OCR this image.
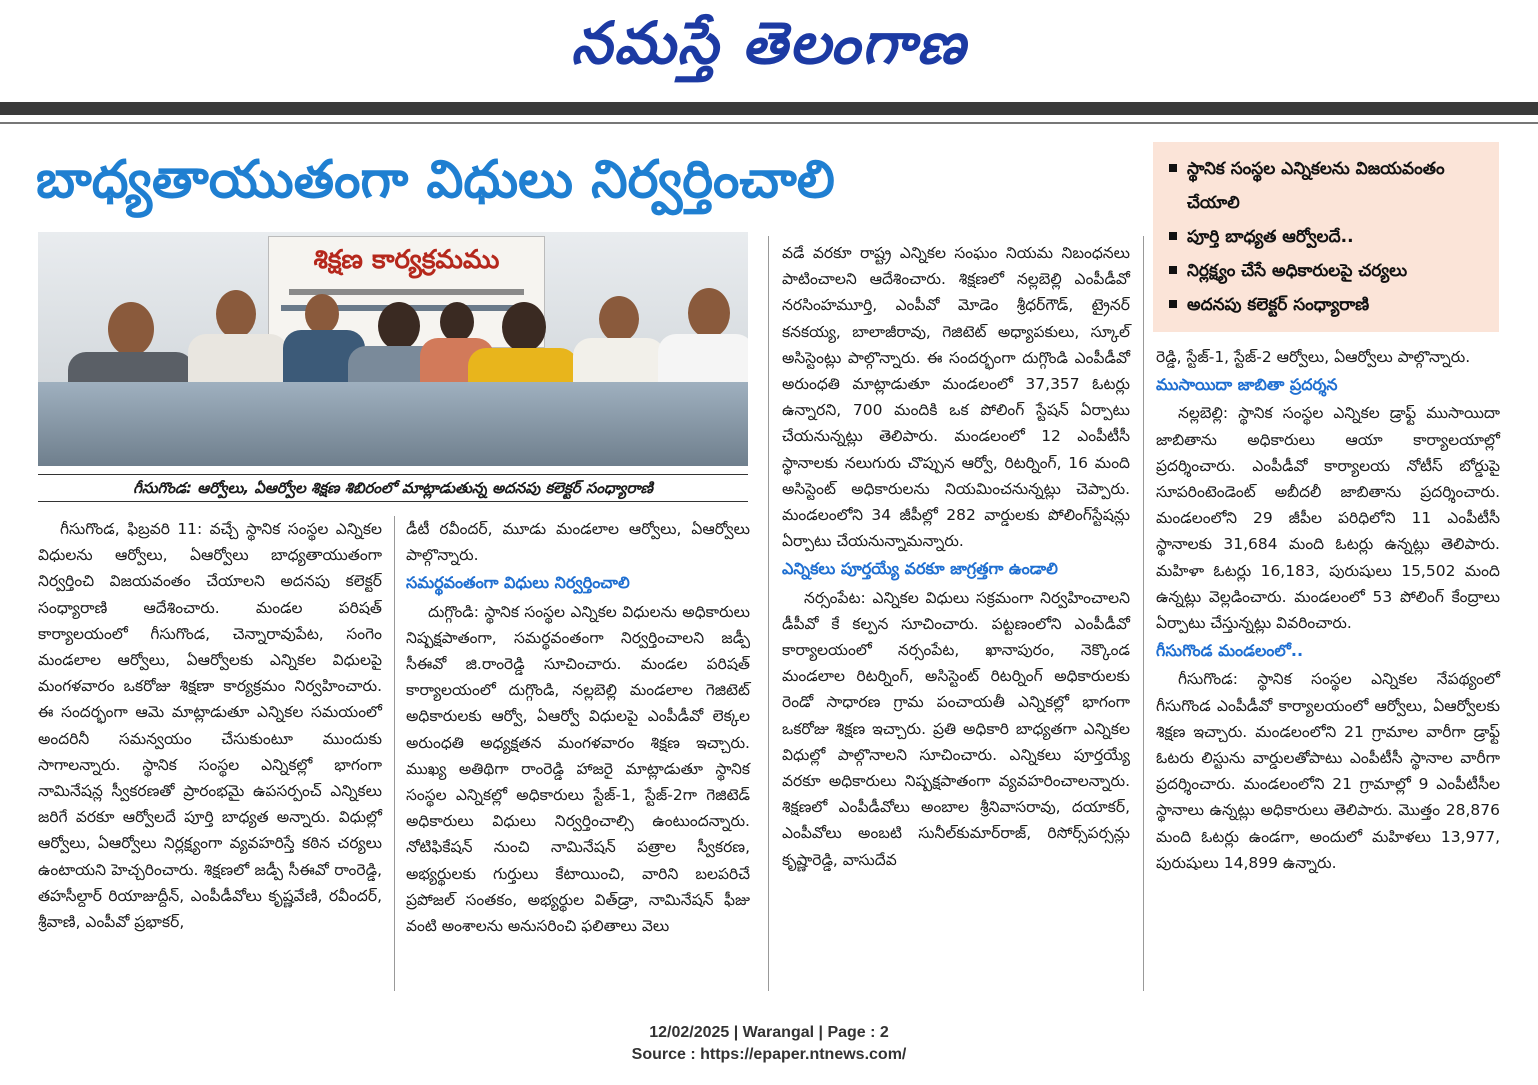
నమస్తే తెలంగాణ
బాధ్యతాయుతంగా విధులు నిర్వర్తించాలి	స్థానిక సంస్థల ఎన్నికలను విజయవంతం చేయాలి
పూర్తి బాధ్యత ఆర్వోలదే..
నిర్లక్ష్యం చేసే అధికారులపై చర్యలు
అదనపు కలెక్టర్ సంధ్యారాణి
శిక్షణ కార్యక్రమము
గీసుగొండ: ఆర్వోలు, ఏఆర్వోల శిక్షణ శిబిరంలో మాట్లాడుతున్న అదనపు కలెక్టర్ సంధ్యారాణి

గీసుగొండ, ఫిబ్రవరి 11: వచ్చే స్థానిక సంస్థల ఎన్నికల విధులను ఆర్వోలు, ఏఆర్వోలు బాధ్యతాయుతంగా నిర్వర్తించి విజయవంతం చేయాలని అదనపు కలెక్టర్ సంధ్యారాణి ఆదేశించారు. మండల పరిషత్ కార్యాలయంలో గీసుగొండ, చెన్నారావుపేట, సంగెం మండలాల ఆర్వోలు, ఏఆర్వోలకు ఎన్నికల విధులపై మంగళవారం ఒకరోజు శిక్షణా కార్యక్రమం నిర్వహించారు. ఈ సందర్భంగా ఆమె మాట్లాడుతూ ఎన్నికల సమయంలో అందరినీ సమన్వయం చేసుకుంటూ ముందుకు సాగాలన్నారు. స్థానిక సంస్థల ఎన్నికల్లో భాగంగా నామినేషన్ల స్వీకరణతో ప్రారంభమై ఉపసర్పంచ్ ఎన్నికలు జరిగే వరకూ ఆర్వోలదే పూర్తి బాధ్యత అన్నారు. విధుల్లో ఆర్వోలు, ఏఆర్వోలు నిర్లక్ష్యంగా వ్యవహరిస్తే కఠిన చర్యలు ఉంటాయని హెచ్చరించారు. శిక్షణలో జడ్పీ సీఈవో రాంరెడ్డి, తహసీల్దార్ రియాజుద్దీన్, ఎంపీడీవోలు కృష్ణవేణి, రవీందర్, శ్రీవాణి, ఎంపీవో ప్రభాకర్,

డీటీ రవీందర్, మూడు మండలాల ఆర్వోలు, ఏఆర్వోలు పాల్గొన్నారు.

సమర్థవంతంగా విధులు నిర్వర్తించాలి

దుగ్గొండి: స్థానిక సంస్థల ఎన్నికల విధులను అధికారులు నిష్పక్షపాతంగా, సమర్థవంతంగా నిర్వర్తించాలని జడ్పీ సీఈవో జి.రాంరెడ్డి సూచించారు. మండల పరిషత్ కార్యాలయంలో దుగ్గొండి, నల్లబెల్లి మండలాల గెజిటెట్ అధికారులకు ఆర్వో, ఏఆర్వో విధులపై ఎంపీడీవో లెక్కల అరుంధతి అధ్యక్షతన మంగళవారం శిక్షణ ఇచ్చారు. ముఖ్య అతిథిగా రాంరెడ్డి హాజరై మాట్లాడుతూ స్థానిక సంస్థల ఎన్నికల్లో అధికారులు స్టేజ్-1, స్టేజ్-2గా గెజిటెడ్ అధికారులు విధులు నిర్వర్తించాల్సి ఉంటుందన్నారు. నోటిఫికేషన్ నుంచి నామినేషన్ పత్రాల స్వీకరణ, అభ్యర్థులకు గుర్తులు కేటాయించి, వారిని బలపరిచే ప్రపోజల్ సంతకం, అభ్యర్థుల విత్‌డ్రా, నామినేషన్ ఫీజు వంటి అంశాలను అనుసరించి ఫలితాలు వెలు

వడే వరకూ రాష్ట్ర ఎన్నికల సంఘం నియమ నిబంధనలు పాటించాలని ఆదేశించారు. శిక్షణలో నల్లబెల్లి ఎంపీడీవో నరసింహమూర్తి, ఎంపీవో మోడెం శ్రీధర్‌గౌడ్, ట్రైనర్ కనకయ్య, బాలాజీరావు, గెజిటెట్ అధ్యాపకులు, స్కూల్ అసిస్టెంట్లు పాల్గొన్నారు. ఈ సందర్భంగా దుగ్గొండి ఎంపీడీవో అరుంధతి మాట్లాడుతూ మండలంలో 37,357 ఓటర్లు ఉన్నారని, 700 మందికి ఒక పోలింగ్ స్టేషన్ ఏర్పాటు చేయనున్నట్లు తెలిపారు. మండలంలో 12 ఎంపీటీసీ స్థానాలకు నలుగురు చొప్పున ఆర్వో, రిటర్నింగ్, 16 మంది అసిస్టెంట్ అధికారులను నియమించనున్నట్లు చెప్పారు. మండలంలోని 34 జీపీల్లో 282 వార్డులకు పోలింగ్‌స్టేషన్లు ఏర్పాటు చేయనున్నామన్నారు.

ఎన్నికలు పూర్తయ్యే వరకూ జాగ్రత్తగా ఉండాలి

నర్సంపేట: ఎన్నికల విధులు సక్రమంగా నిర్వహించాలని డీపీవో కే కల్పన సూచించారు. పట్టణంలోని ఎంపీడీవో కార్యాలయంలో నర్సంపేట, ఖానాపురం, నెక్కొండ మండలాల రిటర్నింగ్, అసిస్టెంట్ రిటర్నింగ్ అధికారులకు రెండో సాధారణ గ్రామ పంచాయతీ ఎన్నికల్లో భాగంగా ఒకరోజు శిక్షణ ఇచ్చారు. ప్రతి అధికారి బాధ్యతగా ఎన్నికల విధుల్లో పాల్గొనాలని సూచించారు. ఎన్నికలు పూర్తయ్యే వరకూ అధికారులు నిష్పక్షపాతంగా వ్యవహరించాలన్నారు. శిక్షణలో ఎంపీడీవోలు అంబాల శ్రీనివాసరావు, దయాకర్, ఎంపీవోలు అంబటి సునీల్‌కుమార్‌రాజ్, రిసోర్స్‌పర్సన్లు కృష్ణారెడ్డి, వాసుదేవ

రెడ్డి, స్టేజ్-1, స్టేజ్-2 ఆర్వోలు, ఏఆర్వోలు పాల్గొన్నారు.

ముసాయిదా జాబితా ప్రదర్శన

నల్లబెల్లి: స్థానిక సంస్థల ఎన్నికల డ్రాఫ్ట్ ముసాయిదా జాబితాను అధికారులు ఆయా కార్యాలయాల్లో ప్రదర్శించారు. ఎంపీడీవో కార్యాలయ నోటీస్ బోర్డుపై సూపరింటెండెంట్ అబీదలీ జాబితాను ప్రదర్శించారు. మండలంలోని 29 జీపీల పరిధిలోని 11 ఎంపీటీసీ స్థానాలకు 31,684 మంది ఓటర్లు ఉన్నట్లు తెలిపారు. మహిళా ఓటర్లు 16,183, పురుషులు 15,502 మంది ఉన్నట్లు వెల్లడించారు. మండలంలో 53 పోలింగ్ కేంద్రాలు ఏర్పాటు చేస్తున్నట్లు వివరించారు.

గీసుగొండ మండలంలో..

గీసుగొండ: స్థానిక సంస్థల ఎన్నికల నేపథ్యంలో గీసుగొండ ఎంపీడీవో కార్యాలయంలో ఆర్వోలు, ఏఆర్వోలకు శిక్షణ ఇచ్చారు. మండలంలోని 21 గ్రామాల వారీగా డ్రాఫ్ట్ ఓటరు లిస్టును వార్డులతోపాటు ఎంపీటీసీ స్థానాల వారీగా ప్రదర్శించారు. మండలంలోని 21 గ్రామాల్లో 9 ఎంపీటీసీల స్థానాలు ఉన్నట్లు అధికారులు తెలిపారు. మొత్తం 28,876 మంది ఓటర్లు ఉండగా, అందులో మహిళలు 13,977, పురుషులు 14,899 ఉన్నారు.

12/02/2025 | Warangal | Page : 2
Source : https://epaper.ntnews.com/
